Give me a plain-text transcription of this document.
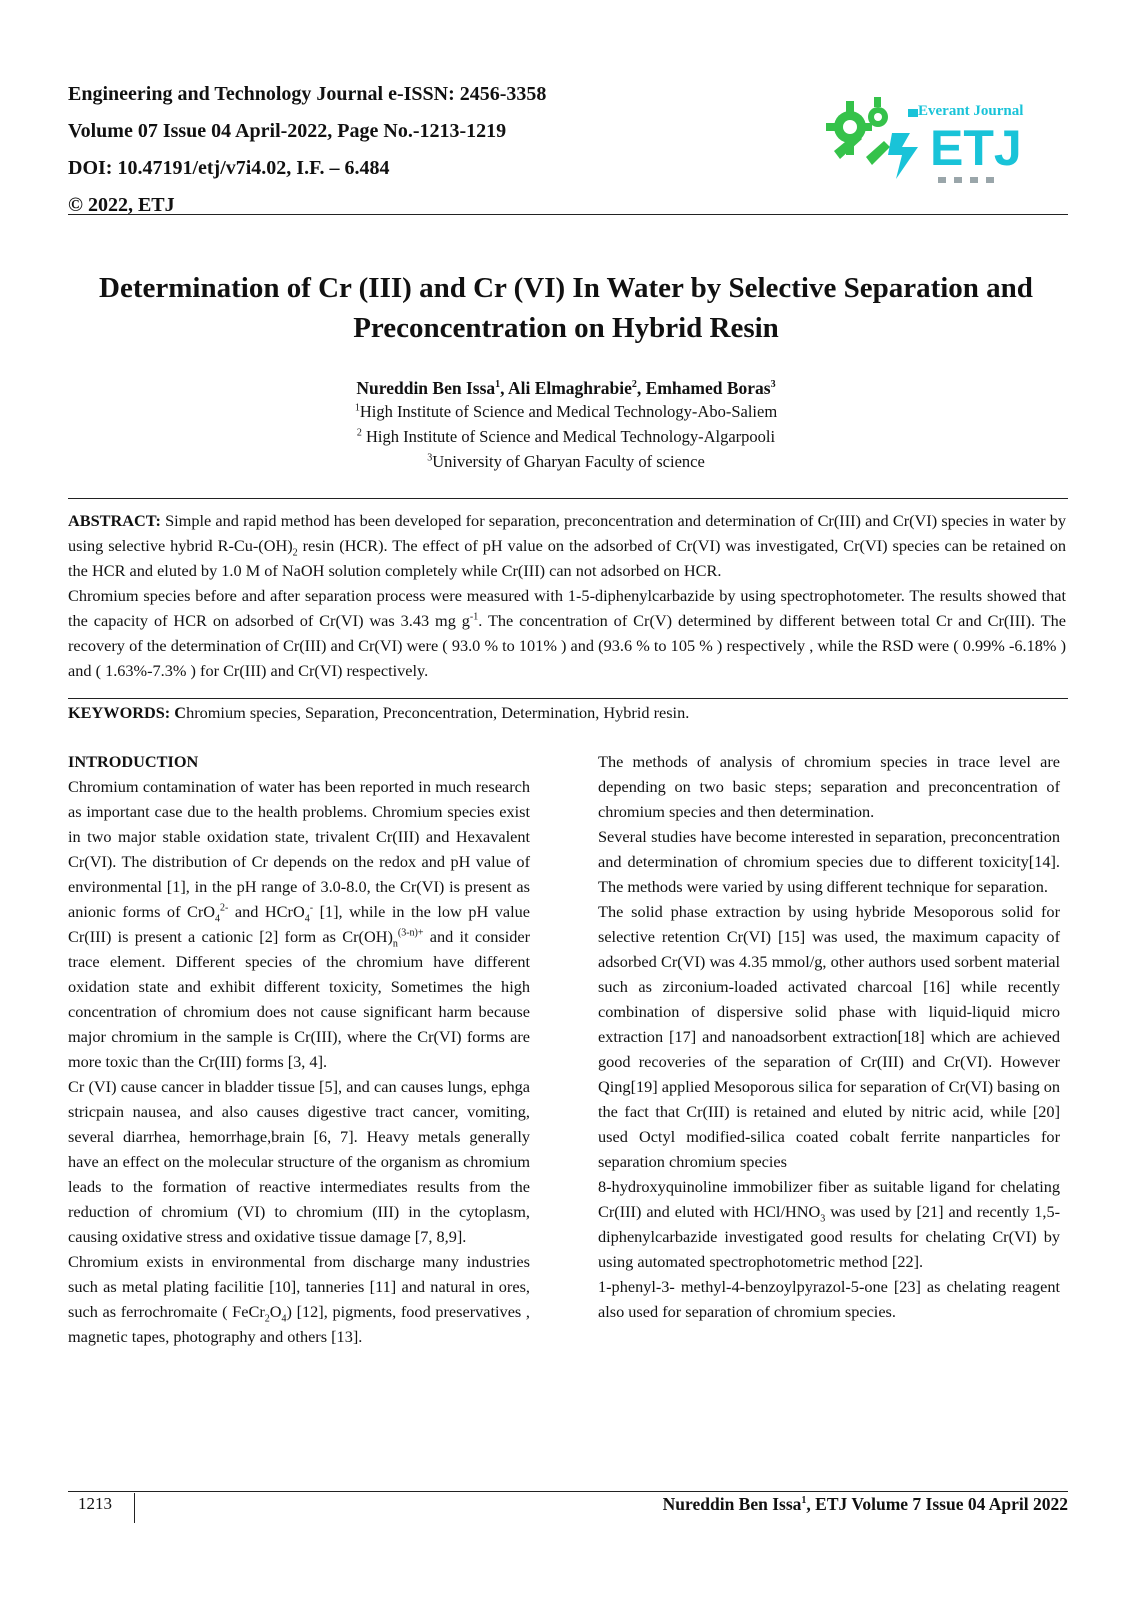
Engineering and Technology Journal e-ISSN: 2456-3358
Volume 07 Issue 04 April-2022, Page No.-1213-1219
DOI: 10.47191/etj/v7i4.02, I.F. – 6.484
© 2022, ETJ
Everant Journal
ETJ
Determination of Cr (III) and Cr (VI) In Water by Selective Separation and
Preconcentration on Hybrid Resin
Nureddin Ben Issa$^1$, Ali Elmaghrabie$^2$, Emhamed Boras$^3$
$^1$High Institute of Science and Medical Technology-Abo-Saliem
$^2$ High Institute of Science and Medical Technology-Algarpooli
$^3$University of Gharyan Faculty of science

ABSTRACT: Simple and rapid method has been developed for separation, preconcentration and determination of Cr(III) and Cr(VI) species in water by using selective hybrid $R-Cu-(OH)_2$ resin (HCR). The effect of pH value on the adsorbed of Cr(VI) was investigated, Cr(VI) species can be retained on the HCR and eluted by 1.0 M of NaOH solution completely while Cr(III) can not adsorbed on HCR.

Chromium species before and after separation process were measured with 1-5-diphenylcarbazide by using spectrophotometer. The results showed that the capacity of HCR on adsorbed of Cr(VI) was 3.43 mg $g^{-1}$. The concentration of Cr(V) determined by different between total Cr and Cr(III). The recovery of the determination of Cr(III) and Cr(VI) were ( 93.0 % to 101% ) and (93.6 % to 105 % ) respectively , while the RSD were ( 0.99% -6.18% ) and ( 1.63%-7.3% ) for Cr(III) and Cr(VI) respectively.

KEYWORDS: Chromium species, Separation, Preconcentration, Determination, Hybrid resin.

INTRODUCTION

Chromium contamination of water has been reported in much research as important case due to the health problems. Chromium species exist in two major stable oxidation state, trivalent Cr(III) and Hexavalent Cr(VI). The distribution of Cr depends on the redox and pH value of environmental [1], in the pH range of 3.0-8.0, the Cr(VI) is present as anionic forms of CrO$_4^{2-}$ and HCrO$_4$- [1], while in the low pH value Cr(III) is present a cationic [2] form as $Cr(OH)_n^{(3-n)+}$ and it consider trace element. Different species of the chromium have different oxidation state and exhibit different toxicity, Sometimes the high concentration of chromium does not cause significant harm because major chromium in the sample is Cr(III), where the Cr(VI) forms are more toxic than the Cr(III) forms [3, 4].

Cr (VI) cause cancer in bladder tissue [5], and can causes lungs, ephga stricpain nausea, and also causes digestive tract cancer, vomiting, several diarrhea, hemorrhage,brain [6, 7]. Heavy metals generally have an effect on the molecular structure of the organism as chromium leads to the formation of reactive intermediates results from the reduction of chromium (VI) to chromium (III) in the cytoplasm, causing oxidative stress and oxidative tissue damage [7, 8,9].

Chromium exists in environmental from discharge many industries such as metal plating facilitie [10], tanneries [11] and natural in ores, such as ferrochromaite ( $FeCr_2O_4$) [12], pigments, food preservatives , magnetic tapes, photography and others [13].

The methods of analysis of chromium species in trace level are depending on two basic steps; separation and preconcentration of chromium species and then determination.

Several studies have become interested in separation, preconcentration and determination of chromium species due to different toxicity[14]. The methods were varied by using different technique for separation.

The solid phase extraction by using hybride Mesoporous solid for selective retention Cr(VI) [15] was used, the maximum capacity of adsorbed Cr(VI) was 4.35 mmol/g, other authors used sorbent material such as zirconium-loaded activated charcoal [16] while recently combination of dispersive solid phase with liquid-liquid micro extraction [17] and nanoadsorbent extraction[18] which are achieved good recoveries of the separation of Cr(III) and Cr(VI). However Qing[19] applied Mesoporous silica for separation of Cr(VI) basing on the fact that Cr(III) is retained and eluted by nitric acid, while [20] used Octyl modified-silica coated cobalt ferrite nanparticles for separation chromium species

8-hydroxyquinoline immobilizer fiber as suitable ligand for chelating Cr(III) and eluted with HCl/$HNO_3$ was used by [21] and recently 1,5-diphenylcarbazide investigated good results for chelating Cr(VI) by using automated spectrophotometric method [22].

1-phenyl-3- methyl-4-benzoylpyrazol-5-one [23] as chelating reagent also used for separation of chromium species.

1213	Nureddin Ben Issa$^1$, ETJ Volume 7 Issue 04 April 2022
